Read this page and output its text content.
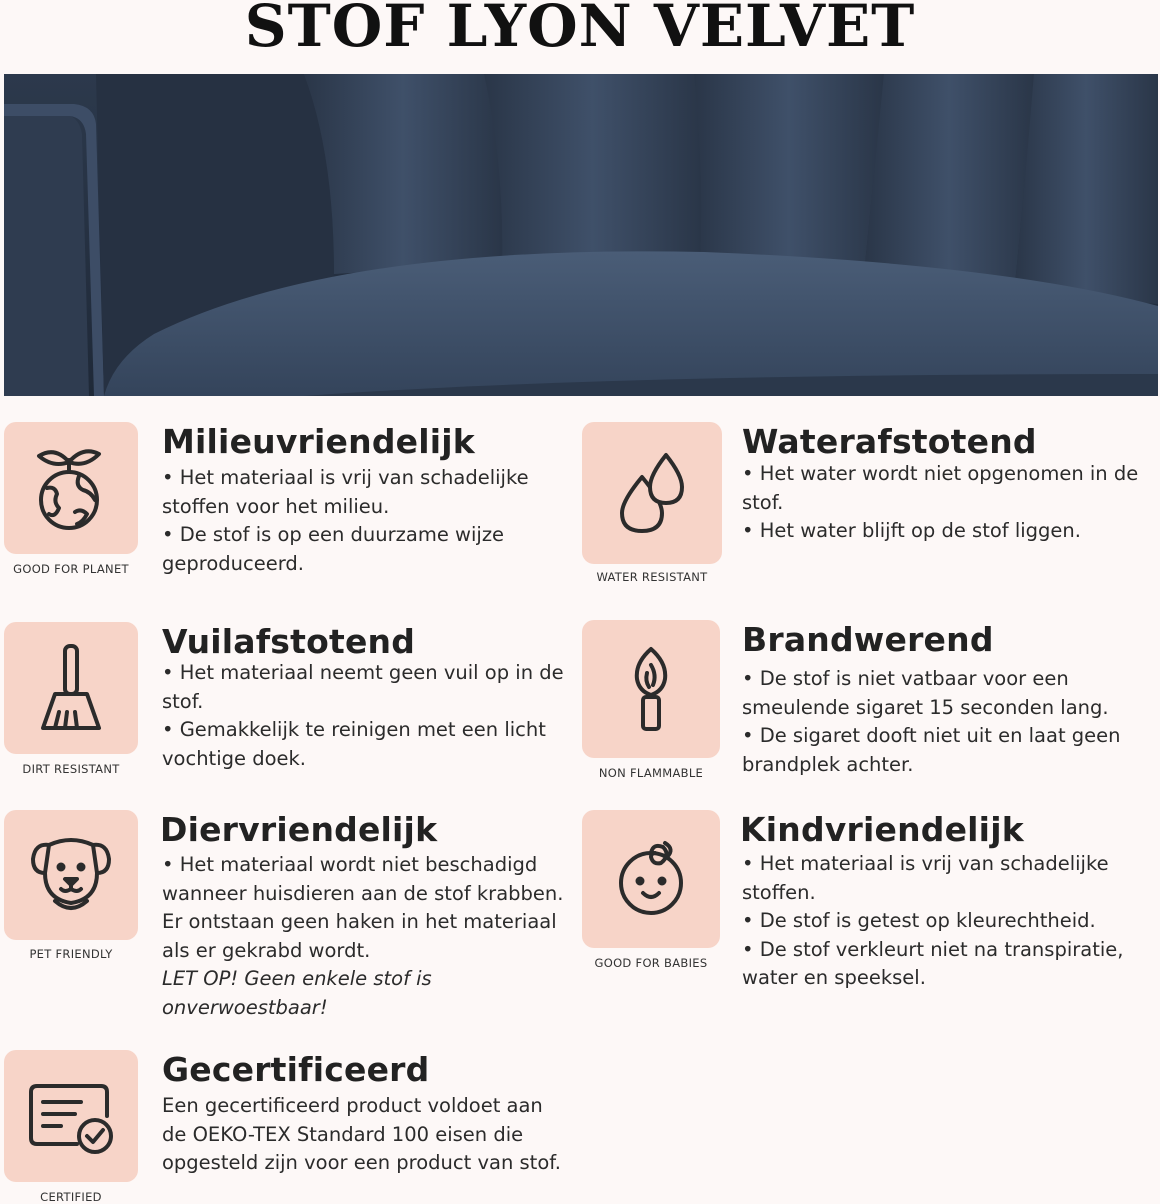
STOF LYON VELVET
GOOD FOR PLANET
Milieuvriendelijk
• Het materiaal is vrij van schadelijke
stoffen voor het milieu.
• De stof is op een duurzame wijze
geproduceerd.
WATER RESISTANT
Waterafstotend
• Het water wordt niet opgenomen in de
stof.
• Het water blijft op de stof liggen.
DIRT RESISTANT
Vuilafstotend
• Het materiaal neemt geen vuil op in de
stof.
• Gemakkelijk te reinigen met een licht
vochtige doek.
NON FLAMMABLE
Brandwerend
• De stof is niet vatbaar voor een
smeulende sigaret 15 seconden lang.
• De sigaret dooft niet uit en laat geen
brandplek achter.
PET FRIENDLY
Diervriendelijk
• Het materiaal wordt niet beschadigd
wanneer huisdieren aan de stof krabben.
Er ontstaan geen haken in het materiaal
als er gekrabd wordt.
LET OP! Geen enkele stof is
onverwoestbaar!
GOOD FOR BABIES
Kindvriendelijk
• Het materiaal is vrij van schadelijke
stoffen.
• De stof is getest op kleurechtheid.
• De stof verkleurt niet na transpiratie,
water en speeksel.
CERTIFIED
Gecertificeerd
Een gecertificeerd product voldoet aan
de OEKO-TEX Standard 100 eisen die
opgesteld zijn voor een product van stof.
